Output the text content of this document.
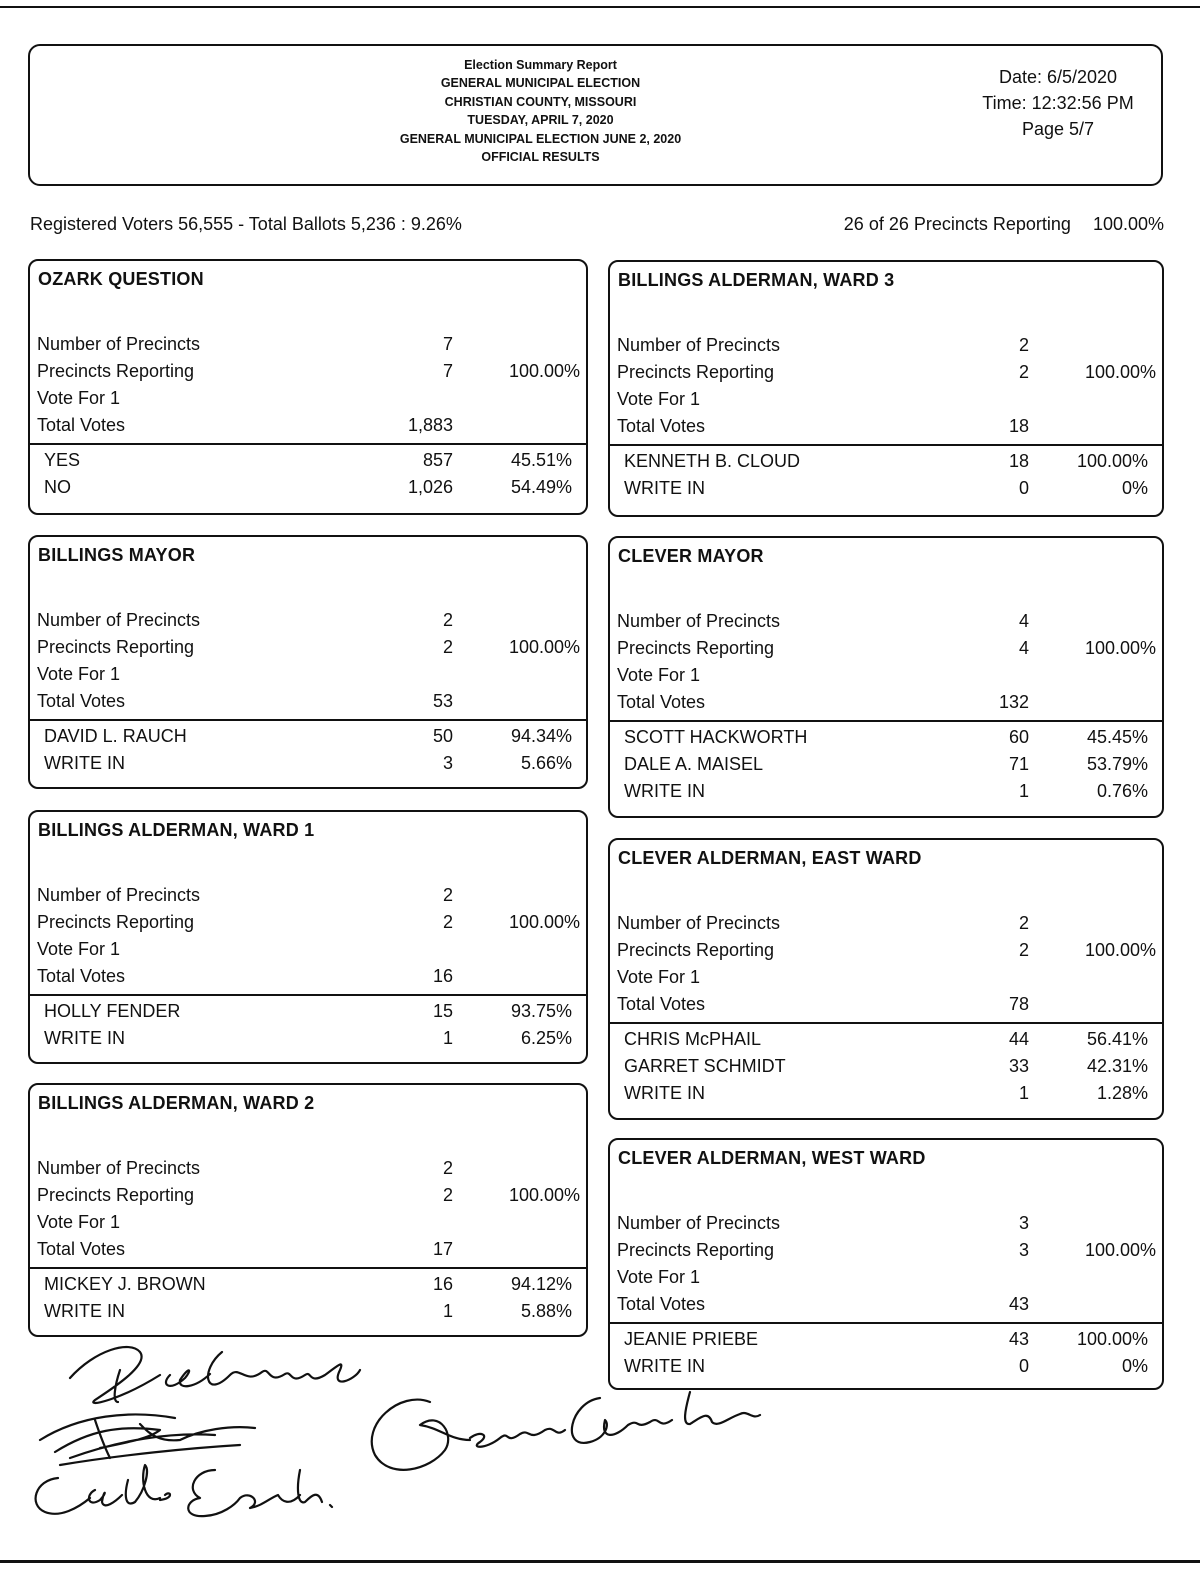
Election Summary Report
GENERAL MUNICIPAL ELECTION
CHRISTIAN COUNTY, MISSOURI
TUESDAY, APRIL 7, 2020
GENERAL MUNICIPAL ELECTION JUNE 2, 2020
OFFICIAL RESULTS
Date: 6/5/2020
Time: 12:32:56 PM
Page 5/7
Registered Voters 56,555 - Total Ballots 5,236 : 9.26%	26 of 26 Precincts Reporting 100.00%
OZARK QUESTION
Number of Precincts	7
Precincts Reporting	7	100.00%
Vote For 1
Total Votes	1,883
YES	857	45.51%
NO	1,026	54.49%
BILLINGS MAYOR
Number of Precincts	2
Precincts Reporting	2	100.00%
Vote For 1
Total Votes	53
DAVID L. RAUCH	50	94.34%
WRITE IN	3	5.66%
BILLINGS ALDERMAN, WARD 1
Number of Precincts	2
Precincts Reporting	2	100.00%
Vote For 1
Total Votes	16
HOLLY FENDER	15	93.75%
WRITE IN	1	6.25%
BILLINGS ALDERMAN, WARD 2
Number of Precincts	2
Precincts Reporting	2	100.00%
Vote For 1
Total Votes	17
MICKEY J. BROWN	16	94.12%
WRITE IN	1	5.88%
BILLINGS ALDERMAN, WARD 3
Number of Precincts	2
Precincts Reporting	2	100.00%
Vote For 1
Total Votes	18
KENNETH B. CLOUD	18	100.00%
WRITE IN	0	0%
CLEVER MAYOR
Number of Precincts	4
Precincts Reporting	4	100.00%
Vote For 1
Total Votes	132
SCOTT HACKWORTH	60	45.45%
DALE A. MAISEL	71	53.79%
WRITE IN	1	0.76%
CLEVER ALDERMAN, EAST WARD
Number of Precincts	2
Precincts Reporting	2	100.00%
Vote For 1
Total Votes	78
CHRIS McPHAIL	44	56.41%
GARRET SCHMIDT	33	42.31%
WRITE IN	1	1.28%
CLEVER ALDERMAN, WEST WARD
Number of Precincts	3
Precincts Reporting	3	100.00%
Vote For 1
Total Votes	43
JEANIE PRIEBE	43	100.00%
WRITE IN	0	0%
